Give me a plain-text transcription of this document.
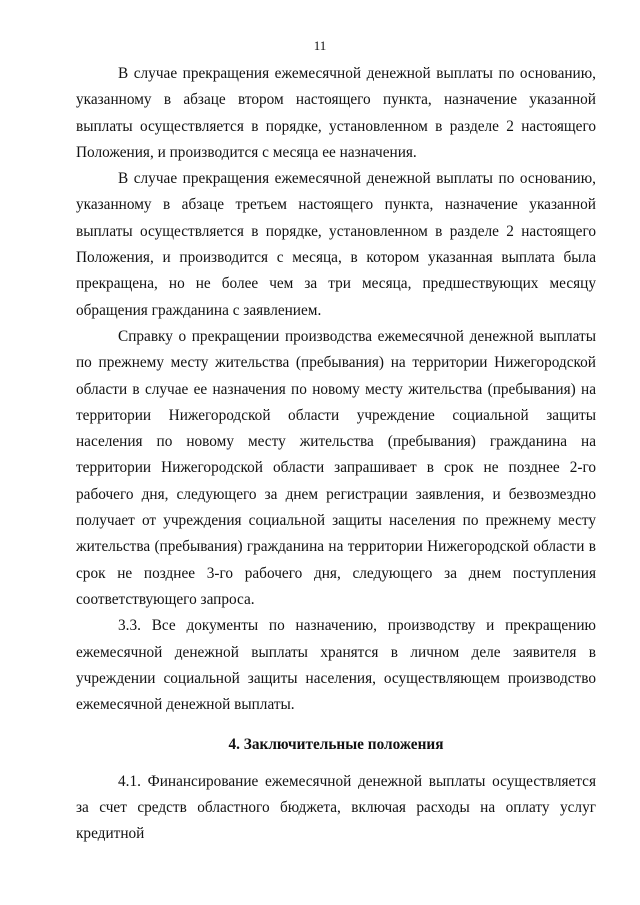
11

В случае прекращения ежемесячной денежной выплаты по основанию, указанному в абзаце втором настоящего пункта, назначение указанной выплаты осуществляется в порядке, установленном в разделе 2 настоящего Положения, и производится с месяца ее назначения.

В случае прекращения ежемесячной денежной выплаты по основанию, указанному в абзаце третьем настоящего пункта, назначение указанной выплаты осуществляется в порядке, установленном в разделе 2 настоящего Положения, и производится с месяца, в котором указанная выплата была прекращена, но не более чем за три месяца, предшествующих месяцу обращения гражданина с заявлением.

Справку о прекращении производства ежемесячной денежной выплаты по прежнему месту жительства (пребывания) на территории Нижегородской области в случае ее назначения по новому месту жительства (пребывания) на территории Нижегородской области учреждение социальной защиты населения по новому месту жительства (пребывания) гражданина на территории Нижегородской области запрашивает в срок не позднее 2-го рабочего дня, следующего за днем регистрации заявления, и безвозмездно получает от учреждения социальной защиты населения по прежнему месту жительства (пребывания) гражданина на территории Нижегородской области в срок не позднее 3-го рабочего дня, следующего за днем поступления соответствующего запроса.

3.3. Все документы по назначению, производству и прекращению ежемесячной денежной выплаты хранятся в личном деле заявителя в учреждении социальной защиты населения, осуществляющем производство ежемесячной денежной выплаты.

4. Заключительные положения

4.1. Финансирование ежемесячной денежной выплаты осуществляется за счет средств областного бюджета, включая расходы на оплату услуг кредитной
